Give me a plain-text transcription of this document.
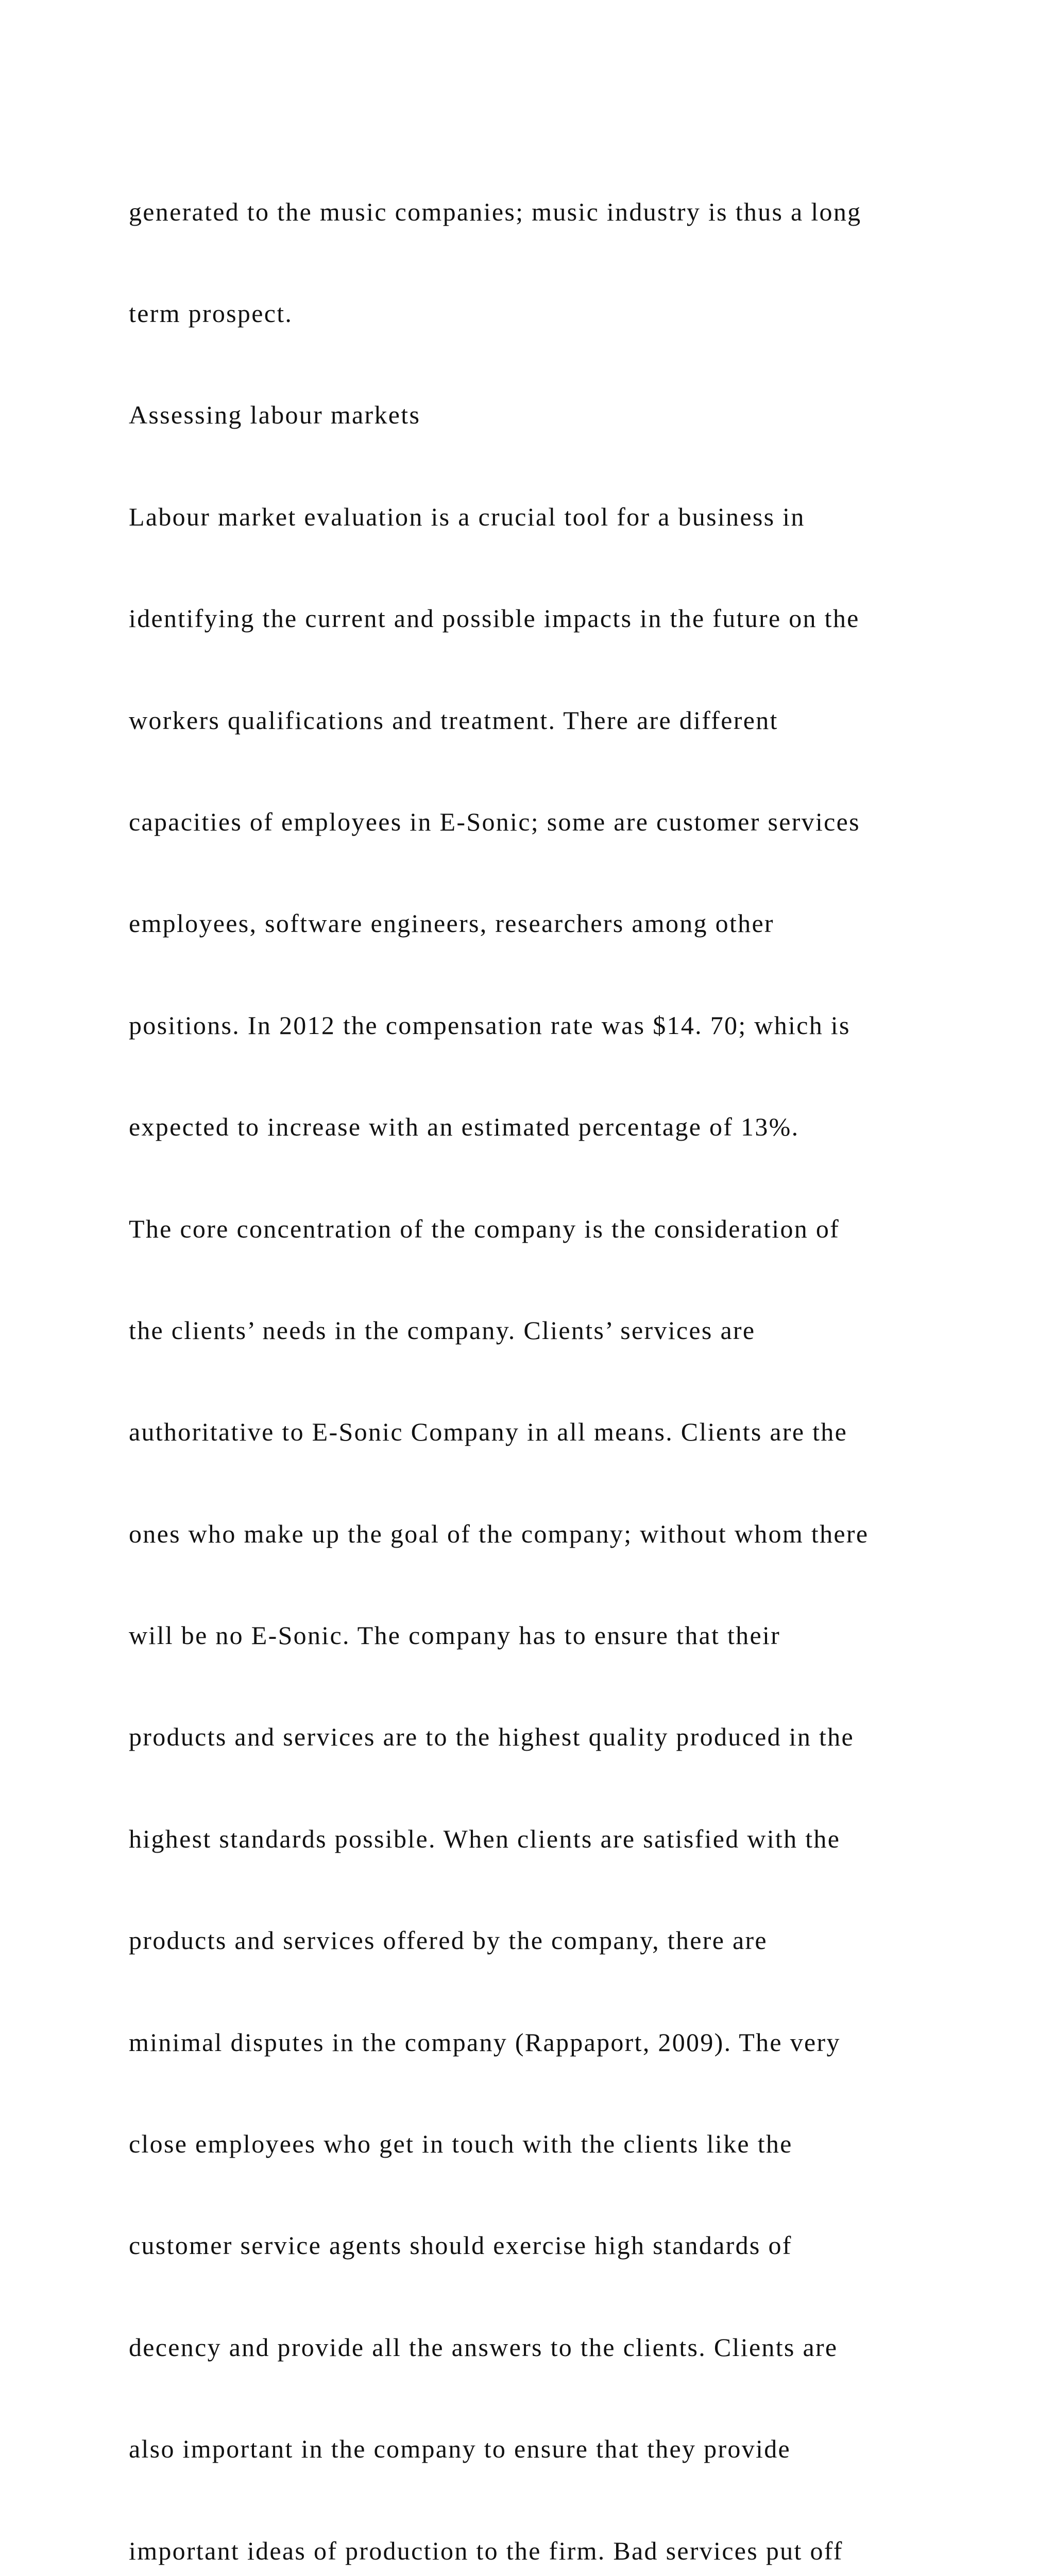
generated to the music companies; music industry is thus a long

term prospect.

Assessing labour markets

Labour market evaluation is a crucial tool for a business in

identifying the current and possible impacts in the future on the

workers qualifications and treatment. There are different

capacities of employees in E-Sonic; some are customer services

employees, software engineers, researchers among other

positions. In 2012 the compensation rate was $14. 70; which is

expected to increase with an estimated percentage of 13%.

The core concentration of the company is the consideration of

the clients’ needs in the company. Clients’ services are

authoritative to E-Sonic Company in all means. Clients are the

ones who make up the goal of the company; without whom there

will be no E-Sonic. The company has to ensure that their

products and services are to the highest quality produced in the

highest standards possible. When clients are satisfied with the

products and services offered by the company, there are

minimal disputes in the company (Rappaport, 2009). The very

close employees who get in touch with the clients like the

customer service agents should exercise high standards of

decency and provide all the answers to the clients. Clients are

also important in the company to ensure that they provide

important ideas of production to the firm. Bad services put off
